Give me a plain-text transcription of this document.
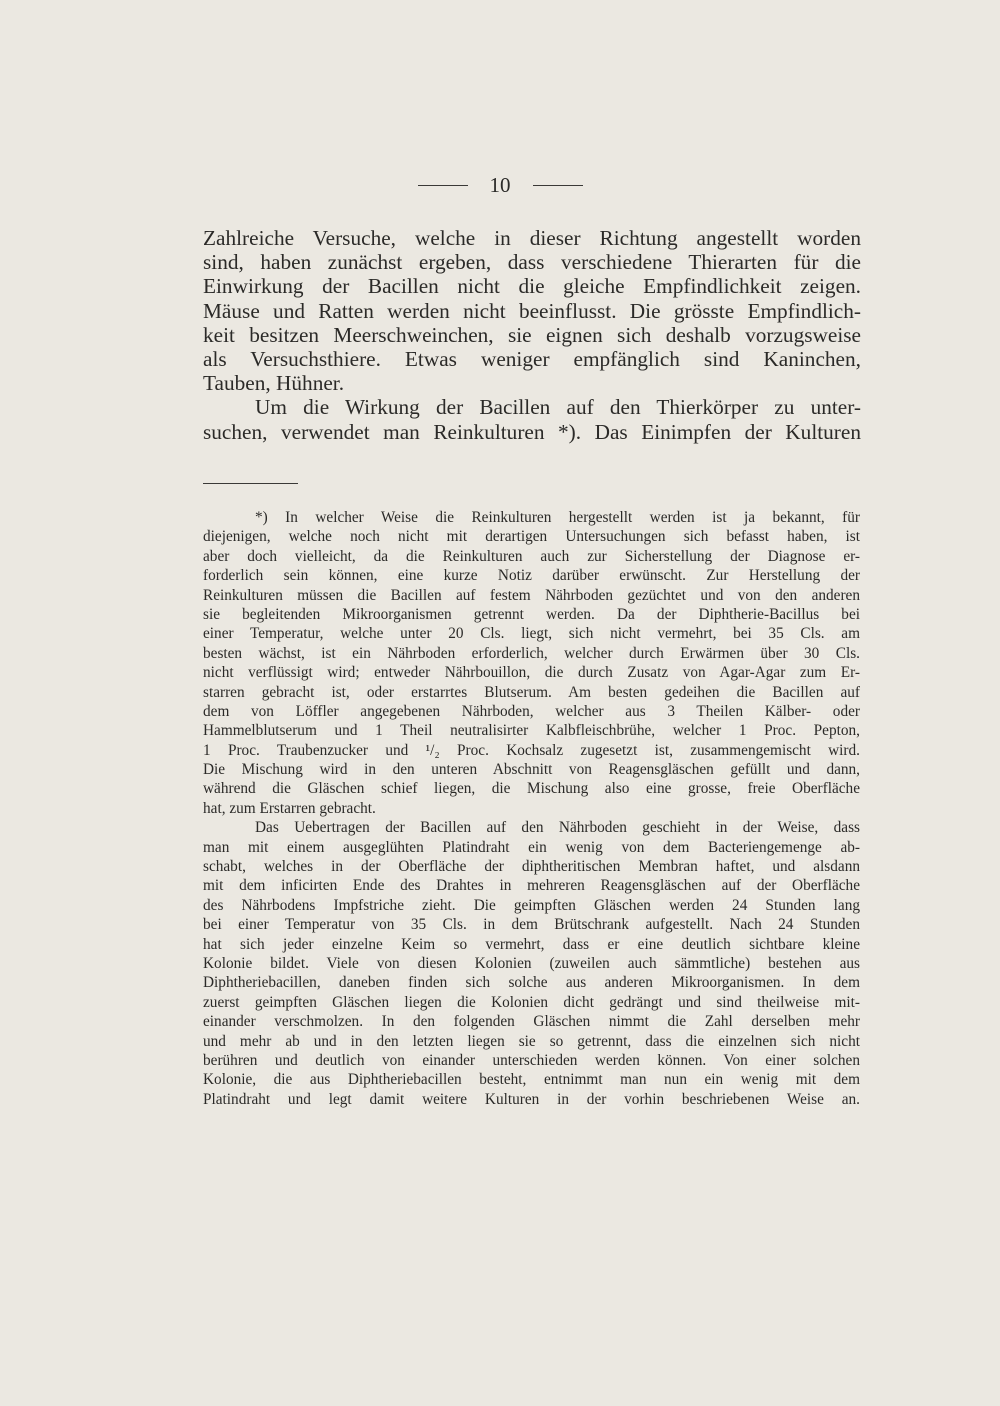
10
Zahlreiche Versuche, welche in dieser Richtung angestellt worden
sind, haben zunächst ergeben, dass verschiedene Thierarten für die
Einwirkung der Bacillen nicht die gleiche Empfindlichkeit zeigen.
Mäuse und Ratten werden nicht beeinflusst. Die grösste Empfindlich-
keit besitzen Meerschweinchen, sie eignen sich deshalb vorzugsweise
als Versuchsthiere. Etwas weniger empfänglich sind Kaninchen,
Tauben, Hühner.
Um die Wirkung der Bacillen auf den Thierkörper zu unter-
suchen, verwendet man Reinkulturen *). Das Einimpfen der Kulturen
*) In welcher Weise die Reinkulturen hergestellt werden ist ja bekannt, für
diejenigen, welche noch nicht mit derartigen Untersuchungen sich befasst haben, ist
aber doch vielleicht, da die Reinkulturen auch zur Sicherstellung der Diagnose er-
forderlich sein können, eine kurze Notiz darüber erwünscht. Zur Herstellung der
Reinkulturen müssen die Bacillen auf festem Nährboden gezüchtet und von den anderen
sie begleitenden Mikroorganismen getrennt werden. Da der Diphtherie-Bacillus bei
einer Temperatur, welche unter 20 Cls. liegt, sich nicht vermehrt, bei 35 Cls. am
besten wächst, ist ein Nährboden erforderlich, welcher durch Erwärmen über 30 Cls.
nicht verflüssigt wird; entweder Nährbouillon, die durch Zusatz von Agar-Agar zum Er-
starren gebracht ist, oder erstarrtes Blutserum. Am besten gedeihen die Bacillen auf
dem von Löffler angegebenen Nährboden, welcher aus 3 Theilen Kälber- oder
Hammelblutserum und 1 Theil neutralisirter Kalbfleischbrühe, welcher 1 Proc. Pepton,
1 Proc. Traubenzucker und ¹/₂ Proc. Kochsalz zugesetzt ist, zusammengemischt wird.
Die Mischung wird in den unteren Abschnitt von Reagensgläschen gefüllt und dann,
während die Gläschen schief liegen, die Mischung also eine grosse, freie Oberfläche
hat, zum Erstarren gebracht.
Das Uebertragen der Bacillen auf den Nährboden geschieht in der Weise, dass
man mit einem ausgeglühten Platindraht ein wenig von dem Bacteriengemenge ab-
schabt, welches in der Oberfläche der diphtheritischen Membran haftet, und alsdann
mit dem inficirten Ende des Drahtes in mehreren Reagensgläschen auf der Oberfläche
des Nährbodens Impfstriche zieht. Die geimpften Gläschen werden 24 Stunden lang
bei einer Temperatur von 35 Cls. in dem Brütschrank aufgestellt. Nach 24 Stunden
hat sich jeder einzelne Keim so vermehrt, dass er eine deutlich sichtbare kleine
Kolonie bildet. Viele von diesen Kolonien (zuweilen auch sämmtliche) bestehen aus
Diphtheriebacillen, daneben finden sich solche aus anderen Mikroorganismen. In dem
zuerst geimpften Gläschen liegen die Kolonien dicht gedrängt und sind theilweise mit-
einander verschmolzen. In den folgenden Gläschen nimmt die Zahl derselben mehr
und mehr ab und in den letzten liegen sie so getrennt, dass die einzelnen sich nicht
berühren und deutlich von einander unterschieden werden können. Von einer solchen
Kolonie, die aus Diphtheriebacillen besteht, entnimmt man nun ein wenig mit dem
Platindraht und legt damit weitere Kulturen in der vorhin beschriebenen Weise an.
